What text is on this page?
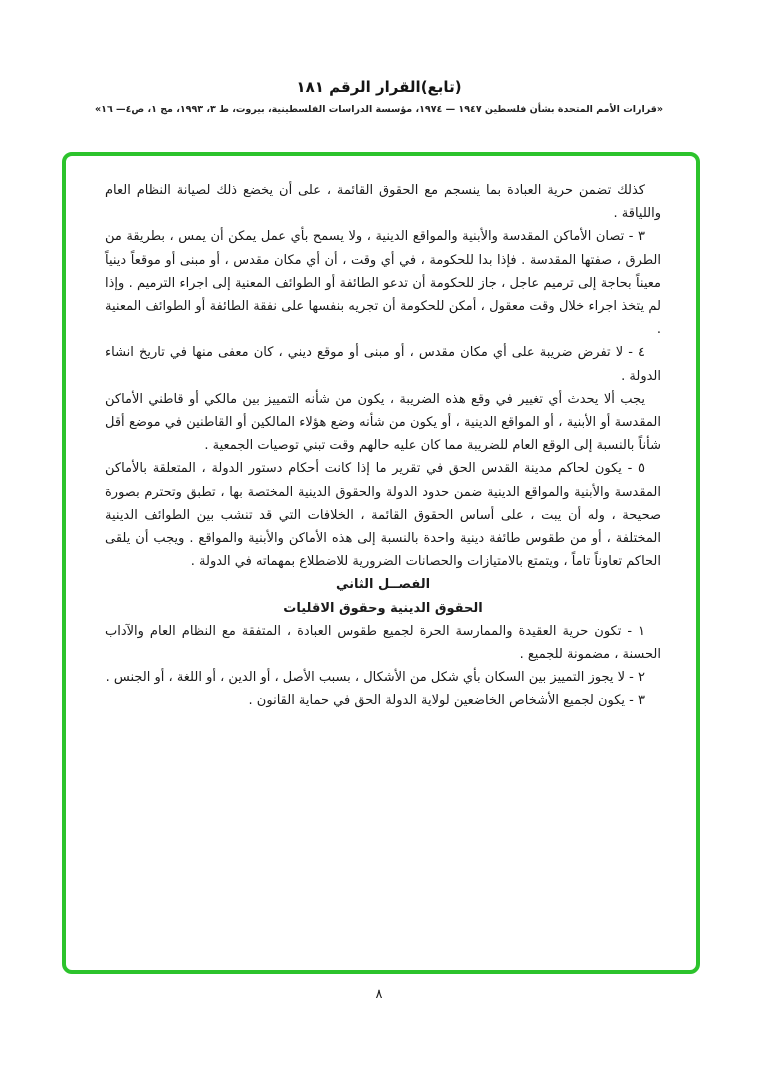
(تابع)القرار الرقم ١٨١
«قرارات الأمم المتحدة بشأن فلسطين ١٩٤٧ — ١٩٧٤، مؤسسة الدراسات الفلسطينية، بيروت، ط ٣، ١٩٩٣، مج ١، ص٤— ١٦»

كذلك تضمن حرية العبادة بما ينسجم مع الحقوق القائمة ، على أن يخضع ذلك لصيانة النظام العام واللياقة .

٣ - تصان الأماكن المقدسة والأبنية والمواقع الدينية ، ولا يسمح بأي عمل يمكن أن يمس ، بطريقة من الطرق ، صفتها المقدسة . فإذا بدا للحكومة ، في أي وقت ، أن أي مكان مقدس ، أو مبنى أو موقعاً دينياً معيناً بحاجة إلى ترميم عاجل ، جاز للحكومة أن تدعو الطائفة أو الطوائف المعنية إلى اجراء الترميم . وإذا لم يتخذ اجراء خلال وقت معقول ، أمكن للحكومة أن تجريه بنفسها على نفقة الطائفة أو الطوائف المعنية .

٤ - لا تفرض ضريبة على أي مكان مقدس ، أو مبنى أو موقع ديني ، كان معفى منها في تاريخ انشاء الدولة .

يجب ألا يحدث أي تغيير في وقع هذه الضريبة ، يكون من شأنه التمييز بين مالكي أو قاطني الأماكن المقدسة أو الأبنية ، أو المواقع الدينية ، أو يكون من شأنه وضع هؤلاء المالكين أو القاطنين في موضع أقل شأناً بالنسبة إلى الوقع العام للضريبة مما كان عليه حالهم وقت تبني توصيات الجمعية .

٥ - يكون لحاكم مدينة القدس الحق في تقرير ما إذا كانت أحكام دستور الدولة ، المتعلقة بالأماكن المقدسة والأبنية والمواقع الدينية ضمن حدود الدولة والحقوق الدينية المختصة بها ، تطبق وتحترم بصورة صحيحة ، وله أن يبت ، على أساس الحقوق القائمة ، الخلافات التي قد تنشب بين الطوائف الدينية المختلفة ، أو من طقوس طائفة دينية واحدة بالنسبة إلى هذه الأماكن والأبنية والمواقع . ويجب أن يلقى الحاكم تعاوناً تاماً ، ويتمتع بالامتيازات والحصانات الضرورية للاضطلاع بمهماته في الدولة .

الفصــل الثاني

الحقوق الدينية وحقوق الاقليات

١ - تكون حرية العقيدة والممارسة الحرة لجميع طقوس العبادة ، المتفقة مع النظام العام والآداب الحسنة ، مضمونة للجميع .

٢ - لا يجوز التمييز بين السكان بأي شكل من الأشكال ، بسبب الأصل ، أو الدين ، أو اللغة ، أو الجنس .

٣ - يكون لجميع الأشخاص الخاضعين لولاية الدولة الحق في حماية القانون .

٨
